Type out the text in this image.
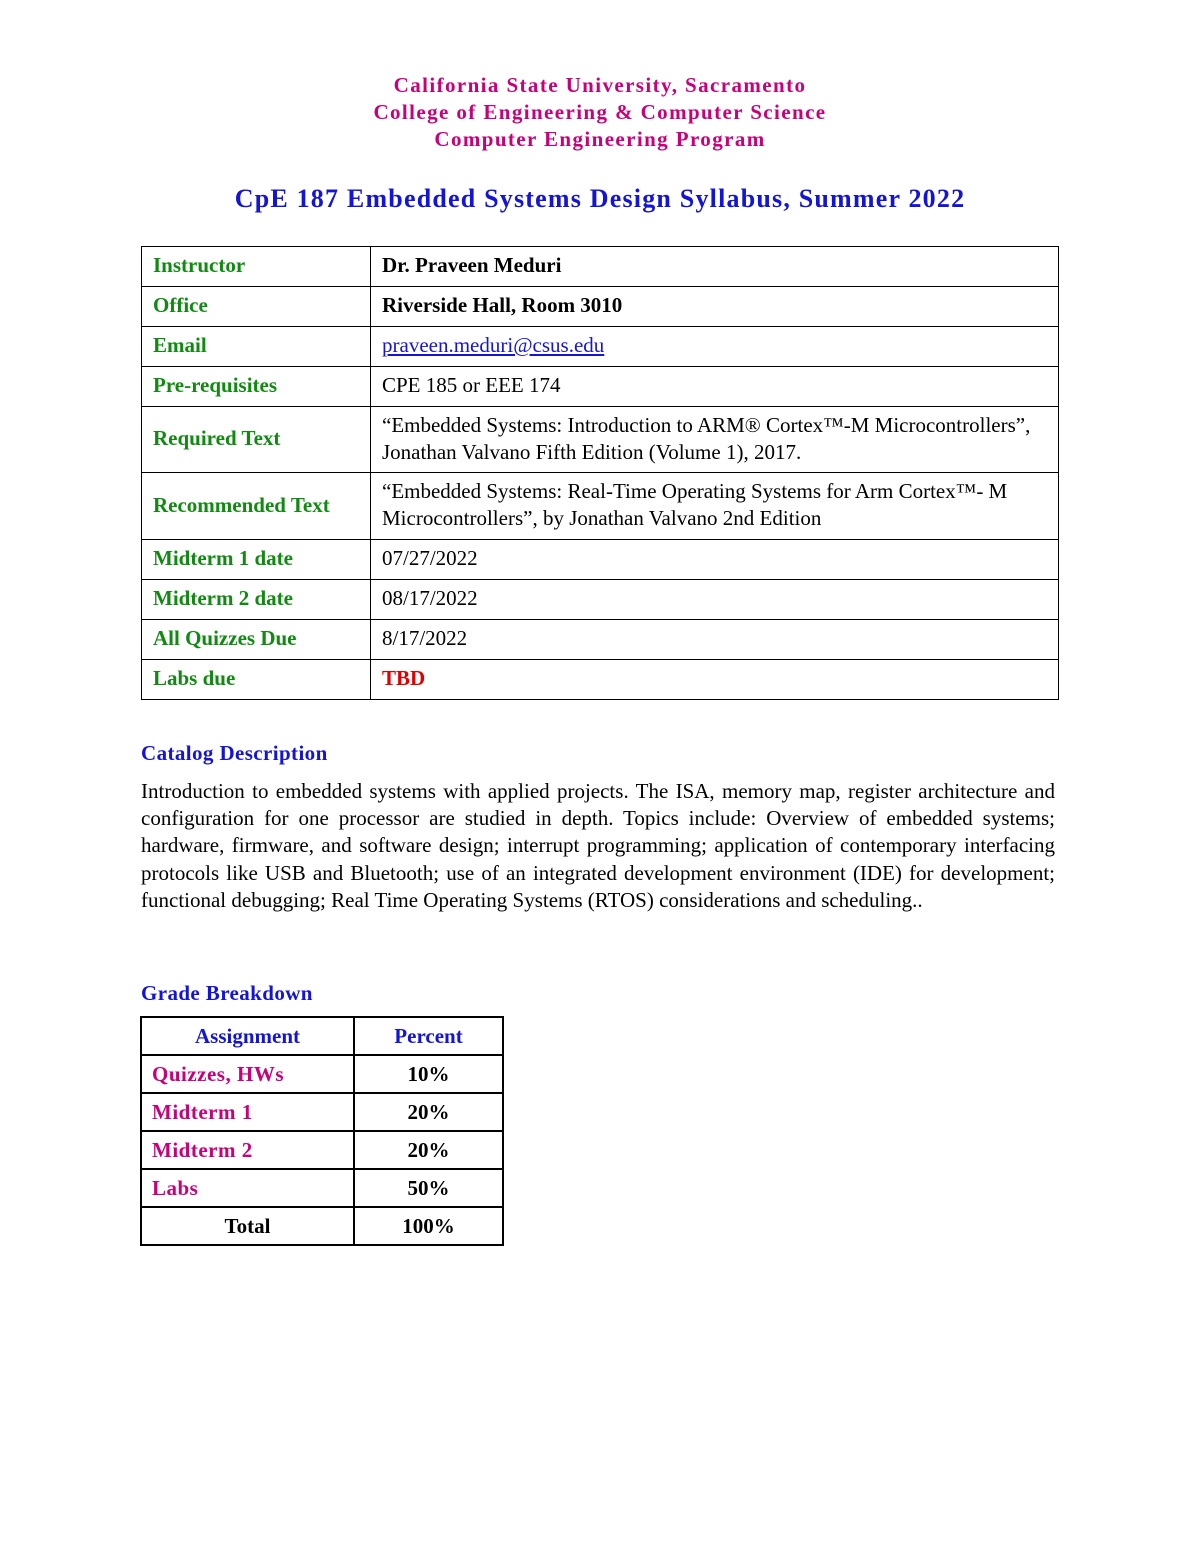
California State University, Sacramento
College of Engineering & Computer Science
Computer Engineering Program
CpE 187 Embedded Systems Design Syllabus, Summer 2022
Instructor	Dr. Praveen Meduri
Office	Riverside Hall, Room 3010
Email	praveen.meduri@csus.edu
Pre-requisites	CPE 185 or EEE 174
Required Text	“Embedded Systems: Introduction to ARM® Cortex™-M Microcontrollers”, Jonathan Valvano Fifth Edition (Volume 1), 2017.
Recommended Text	“Embedded Systems: Real-Time Operating Systems for Arm Cortex™- M Microcontrollers”, by Jonathan Valvano 2nd Edition
Midterm 1 date	07/27/2022
Midterm 2 date	08/17/2022
All Quizzes Due	8/17/2022
Labs due	TBD
Catalog Description
Introduction to embedded systems with applied projects. The ISA, memory map, register architecture and configuration for one processor are studied in depth. Topics include: Overview of embedded systems; hardware, firmware, and software design; interrupt programming; application of contemporary interfacing protocols like USB and Bluetooth; use of an integrated development environment (IDE) for development; functional debugging; Real Time Operating Systems (RTOS) considerations and scheduling..
Grade Breakdown
Assignment	Percent
Quizzes, HWs	10%
Midterm 1	20%
Midterm 2	20%
Labs	50%
Total	100%
